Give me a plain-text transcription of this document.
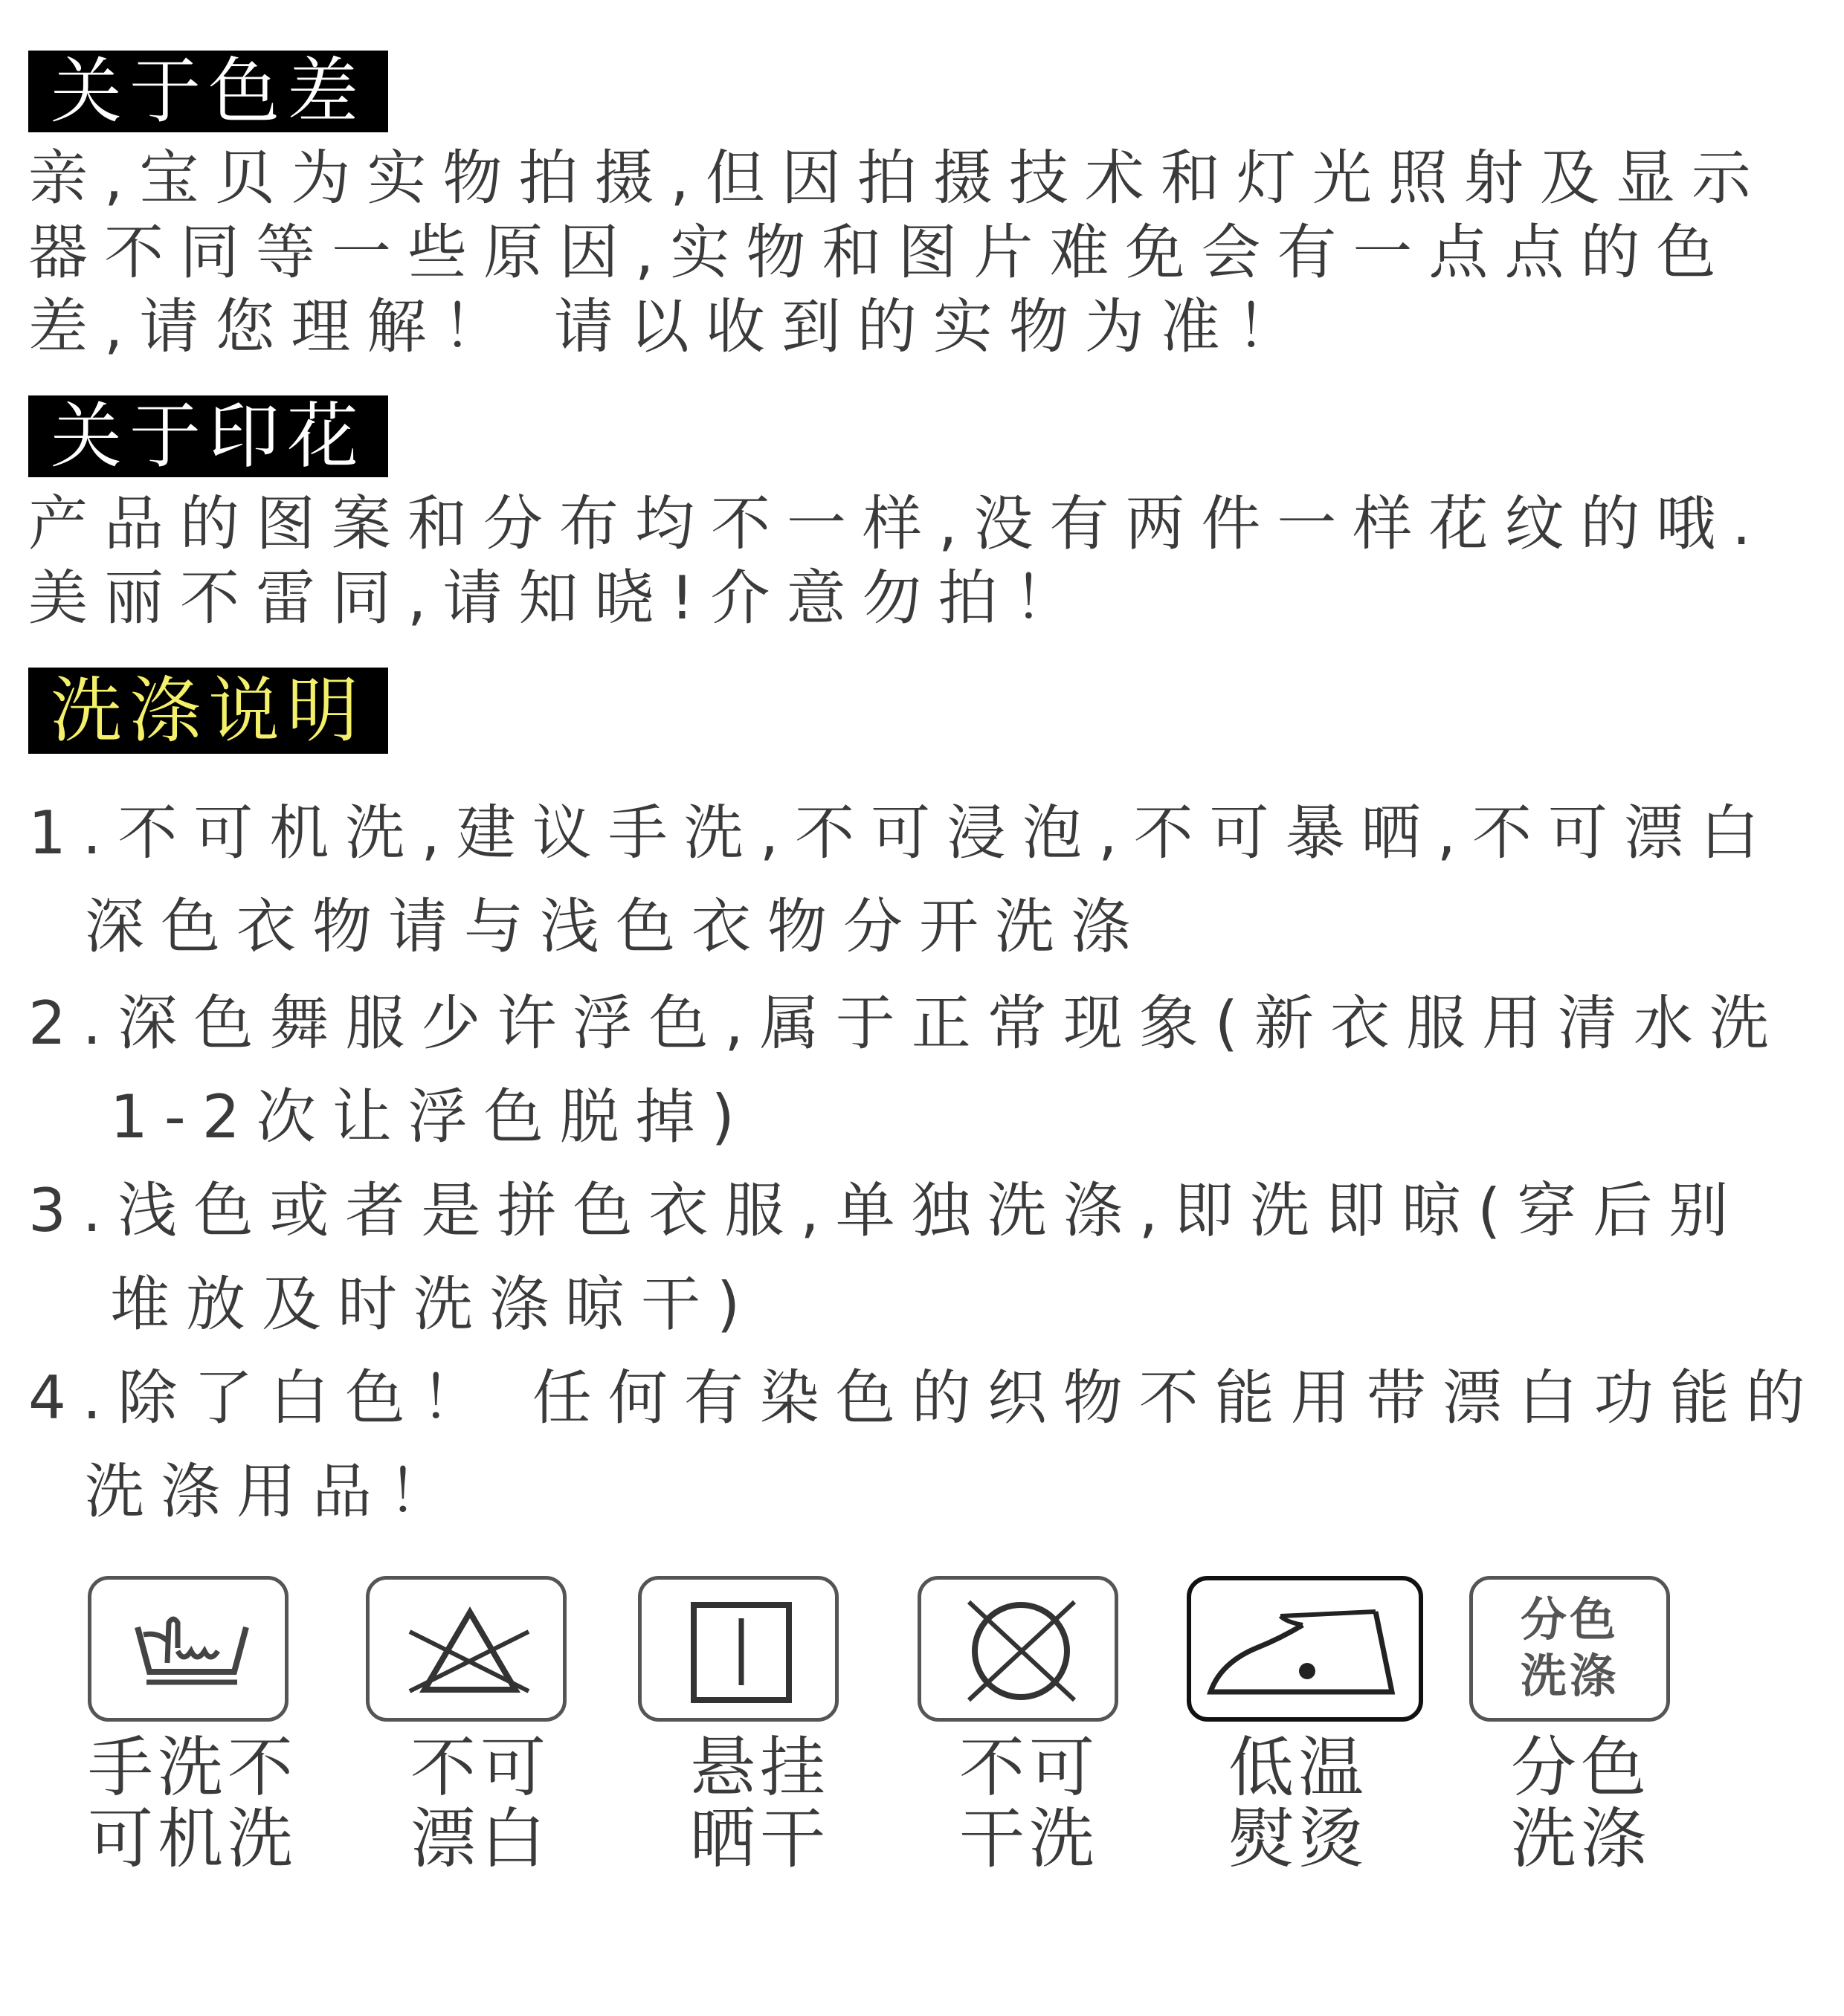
关于色差
亲,宝贝为实物拍摄,但因拍摄技术和灯光照射及显示
器不同等一些原因,实物和图片难免会有一点点的色
差,请您理解！ 请以收到的实物为准！
关于印花
产品的图案和分布均不一样,没有两件一样花纹的哦.
美丽不雷同,请知晓!介意勿拍！
洗涤说明
1.不可机洗,建议手洗,不可浸泡,不可暴晒,不可漂白
深色衣物请与浅色衣物分开洗涤
2.深色舞服少许浮色,属于正常现象(新衣服用清水洗
1-2次让浮色脱掉)
3.浅色或者是拼色衣服,单独洗涤,即洗即晾(穿后别
堆放及时洗涤晾干)
4.除了白色！ 任何有染色的织物不能用带漂白功能的
洗涤用品！
手洗不
可机洗
不可
漂白
悬挂
晒干
不可
干洗
低温
熨烫
分色
洗涤
分色
洗涤
